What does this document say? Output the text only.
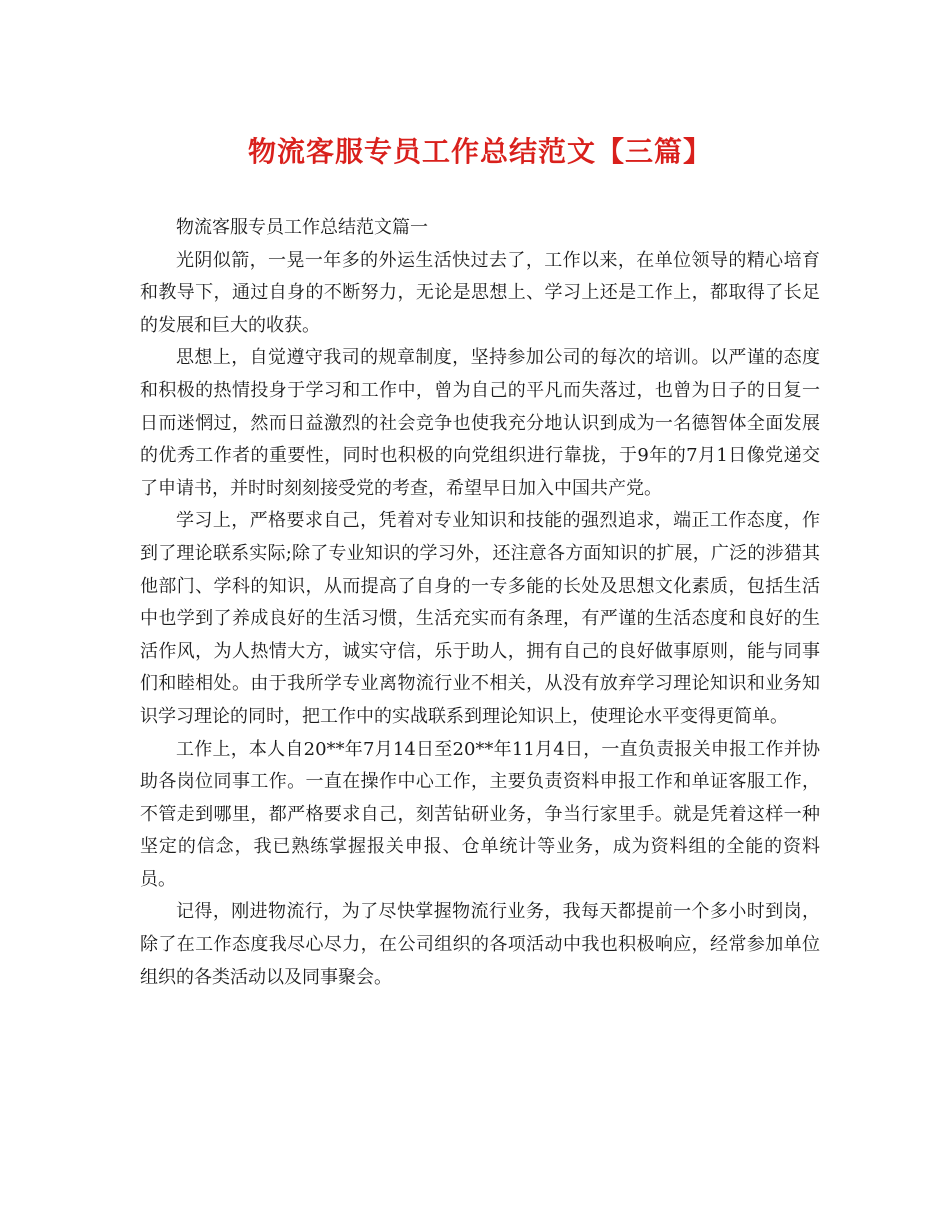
物流客服专员工作总结范文【三篇】

物流客服专员工作总结范文篇一

光阴似箭，一晃一年多的外运生活快过去了，工作以来，在单位领导的精心培育和教导下，通过自身的不断努力，无论是思想上、学习上还是工作上，都取得了长足的发展和巨大的收获。

思想上，自觉遵守我司的规章制度，坚持参加公司的每次的培训。以严谨的态度和积极的热情投身于学习和工作中，曾为自己的平凡而失落过，也曾为日子的日复一日而迷惘过，然而日益激烈的社会竞争也使我充分地认识到成为一名德智体全面发展的优秀工作者的重要性，同时也积极的向党组织进行靠拢，于9年的7月1日像党递交了申请书，并时时刻刻接受党的考查，希望早日加入中国共产党。

学习上，严格要求自己，凭着对专业知识和技能的强烈追求，端正工作态度，作到了理论联系实际;除了专业知识的学习外，还注意各方面知识的扩展，广泛的涉猎其他部门、学科的知识，从而提高了自身的一专多能的长处及思想文化素质，包括生活中也学到了养成良好的生活习惯，生活充实而有条理，有严谨的生活态度和良好的生活作风，为人热情大方，诚实守信，乐于助人，拥有自己的良好做事原则，能与同事们和睦相处。由于我所学专业离物流行业不相关，从没有放弃学习理论知识和业务知识学习理论的同时，把工作中的实战联系到理论知识上，使理论水平变得更简单。

工作上，本人自20**年7月14日至20**年11月4日，一直负责报关申报工作并协助各岗位同事工作。一直在操作中心工作，主要负责资料申报工作和单证客服工作，不管走到哪里，都严格要求自己，刻苦钻研业务，争当行家里手。就是凭着这样一种坚定的信念，我已熟练掌握报关申报、仓单统计等业务，成为资料组的全能的资料员。

记得，刚进物流行，为了尽快掌握物流行业务，我每天都提前一个多小时到岗，除了在工作态度我尽心尽力，在公司组织的各项活动中我也积极响应，经常参加单位组织的各类活动以及同事聚会。
